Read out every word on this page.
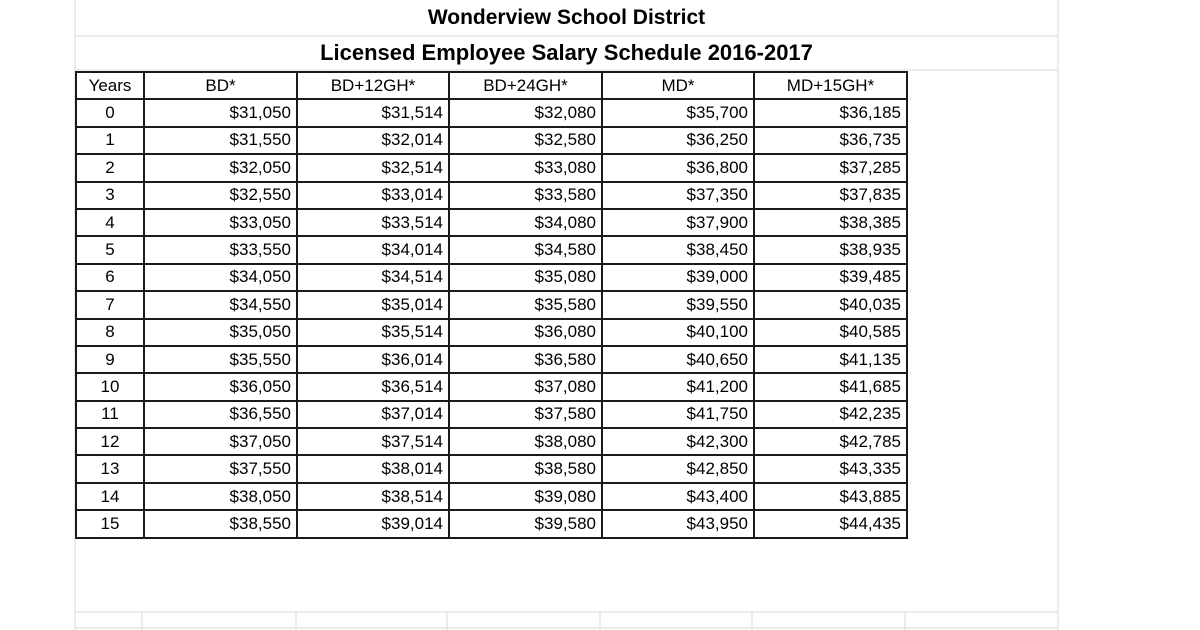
Wonderview School District
Licensed Employee Salary Schedule 2016-2017
Years	BD*	BD+12GH*	BD+24GH*	MD*	MD+15GH*
0	$31,050	$31,514	$32,080	$35,700	$36,185
1	$31,550	$32,014	$32,580	$36,250	$36,735
2	$32,050	$32,514	$33,080	$36,800	$37,285
3	$32,550	$33,014	$33,580	$37,350	$37,835
4	$33,050	$33,514	$34,080	$37,900	$38,385
5	$33,550	$34,014	$34,580	$38,450	$38,935
6	$34,050	$34,514	$35,080	$39,000	$39,485
7	$34,550	$35,014	$35,580	$39,550	$40,035
8	$35,050	$35,514	$36,080	$40,100	$40,585
9	$35,550	$36,014	$36,580	$40,650	$41,135
10	$36,050	$36,514	$37,080	$41,200	$41,685
11	$36,550	$37,014	$37,580	$41,750	$42,235
12	$37,050	$37,514	$38,080	$42,300	$42,785
13	$37,550	$38,014	$38,580	$42,850	$43,335
14	$38,050	$38,514	$39,080	$43,400	$43,885
15	$38,550	$39,014	$39,580	$43,950	$44,435
